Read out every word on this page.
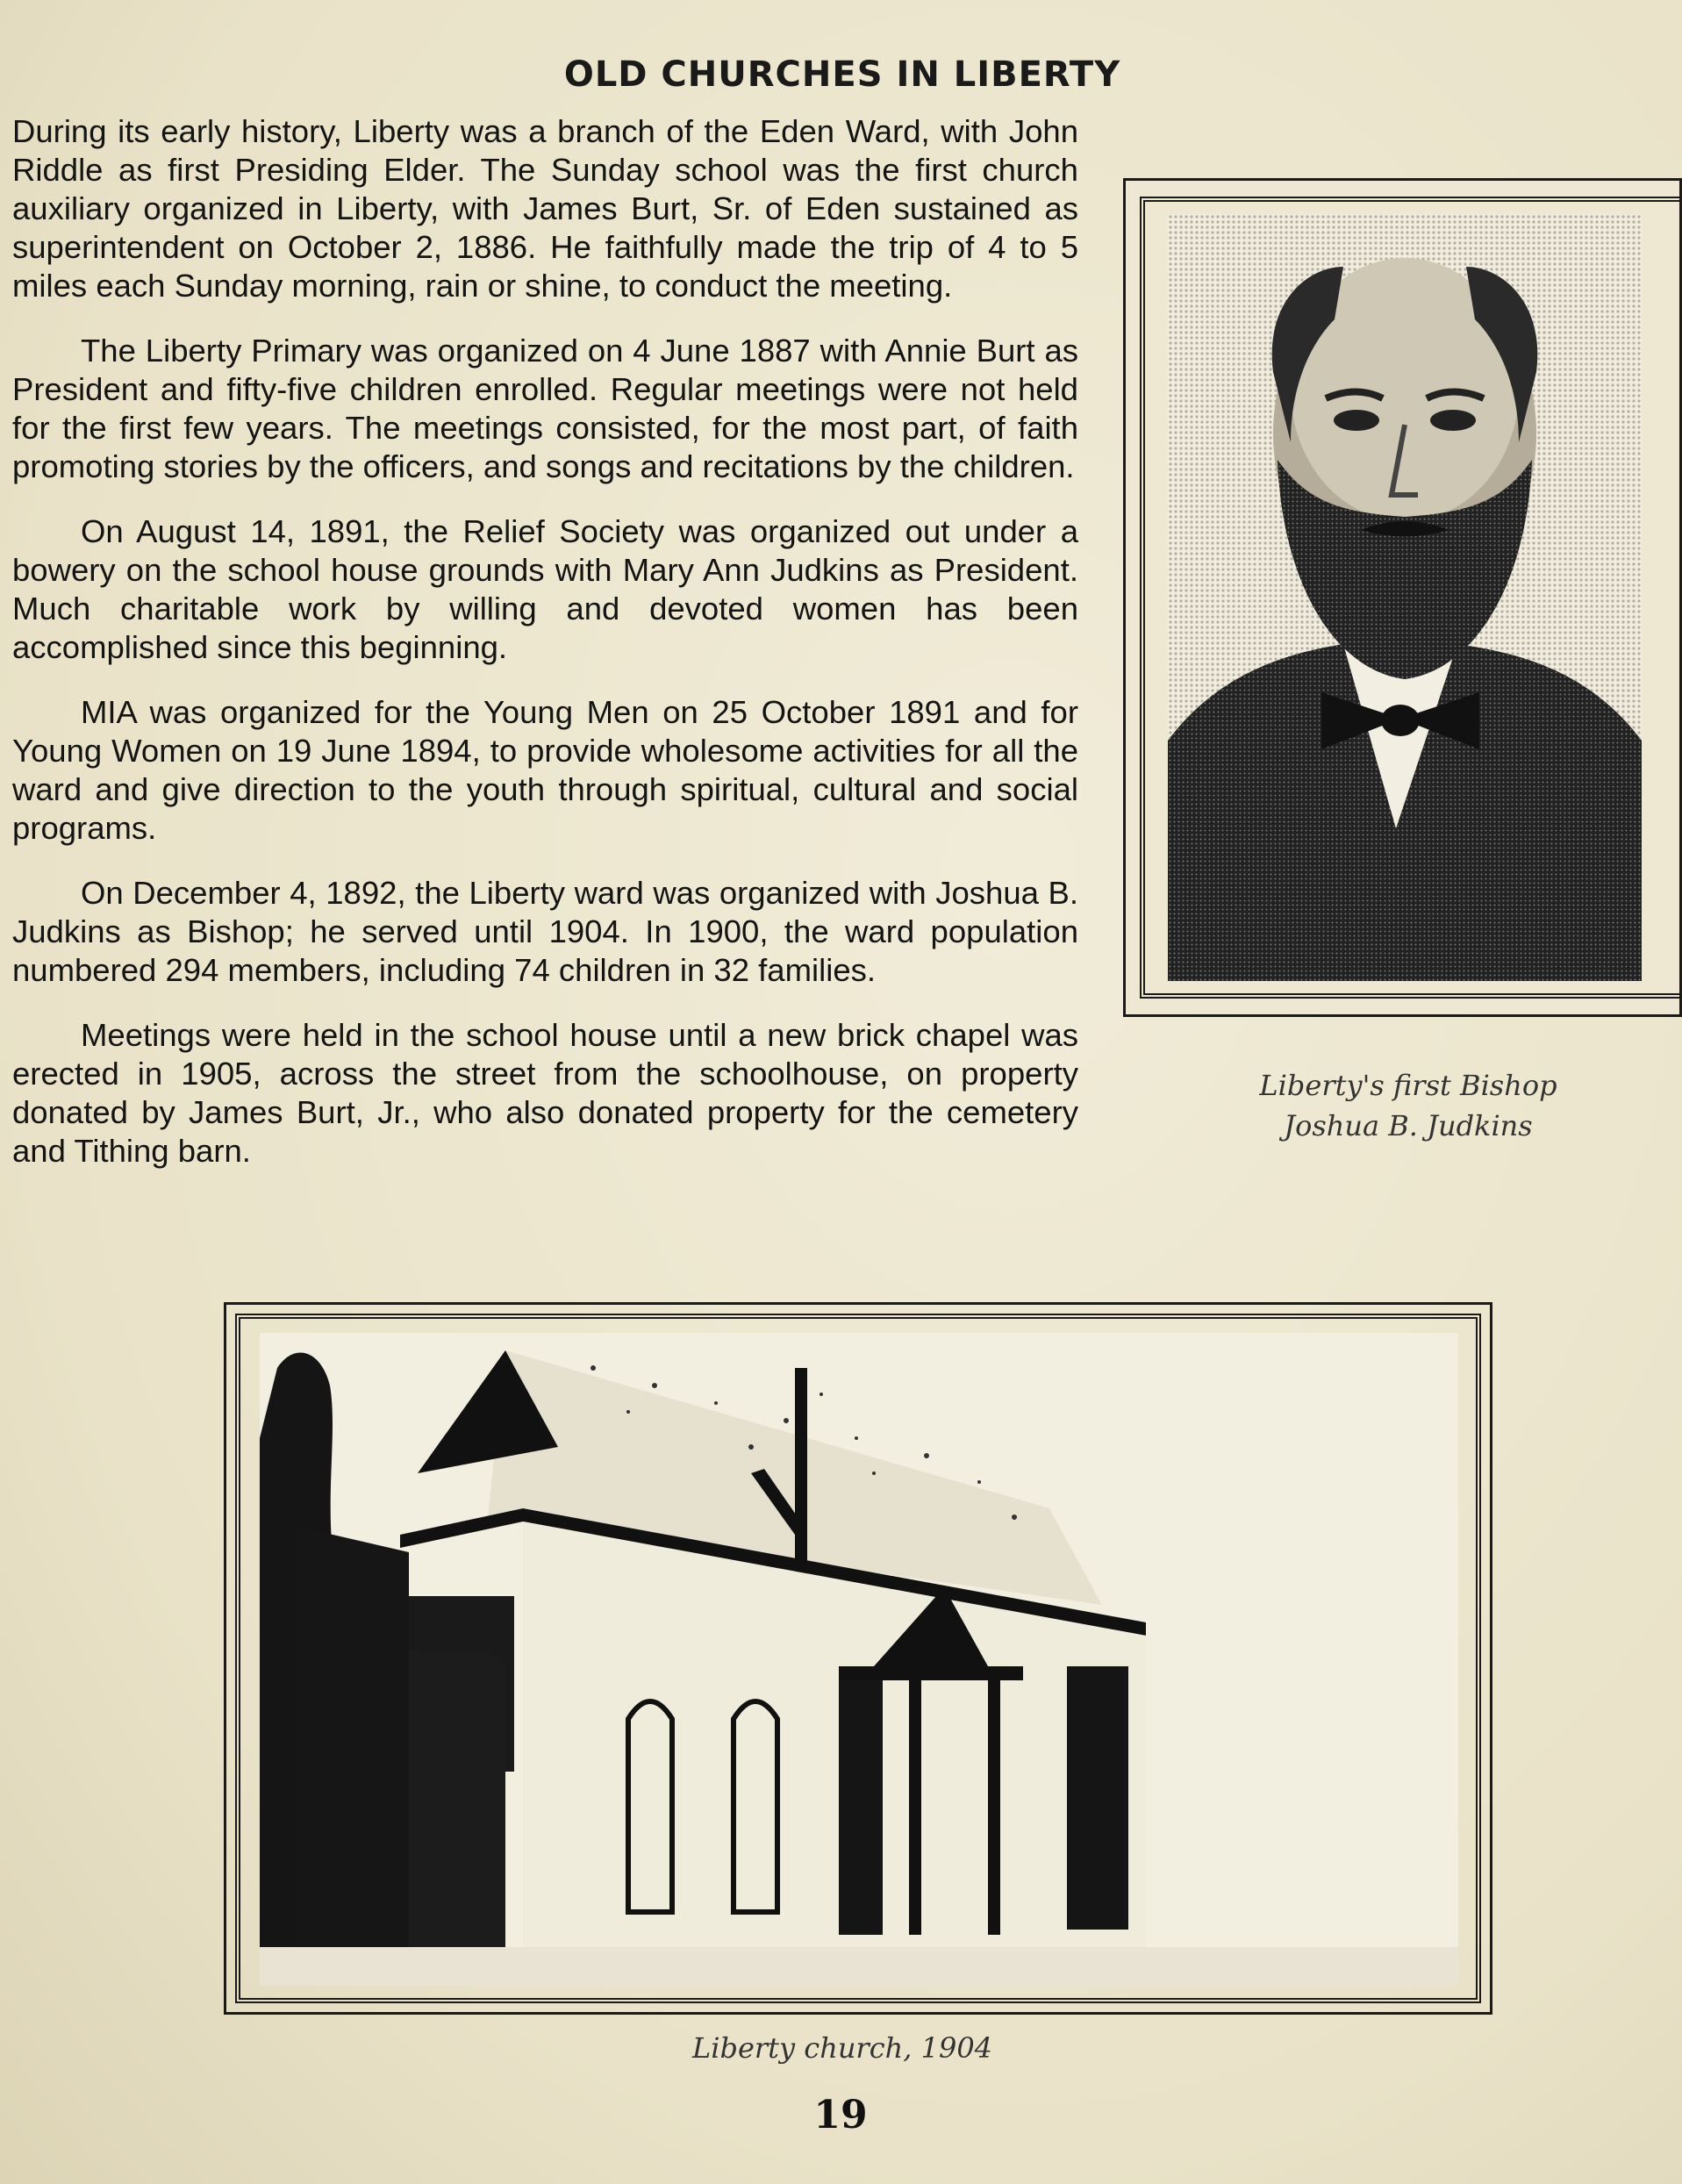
OLD CHURCHES IN LIBERTY

During its early history, Liberty was a branch of the Eden Ward, with John Riddle as first Presiding Elder. The Sunday school was the first church auxiliary organized in Liberty, with James Burt, Sr. of Eden sustained as superintendent on October 2, 1886. He faithfully made the trip of 4 to 5 miles each Sunday morning, rain or shine, to conduct the meeting.

The Liberty Primary was organized on 4 June 1887 with Annie Burt as President and fifty-five children enrolled. Regular meetings were not held for the first few years. The meetings consisted, for the most part, of faith promoting stories by the officers, and songs and recitations by the children.

On August 14, 1891, the Relief Society was organized out under a bowery on the school house grounds with Mary Ann Judkins as President. Much charitable work by willing and devoted women has been accomplished since this beginning.

MIA was organized for the Young Men on 25 October 1891 and for Young Women on 19 June 1894, to provide wholesome activities for all the ward and give direction to the youth through spiritual, cultural and social programs.

On December 4, 1892, the Liberty ward was organized with Joshua B. Judkins as Bishop; he served until 1904. In 1900, the ward population numbered 294 members, including 74 children in 32 families.

Meetings were held in the school house until a new brick chapel was erected in 1905, across the street from the schoolhouse, on property donated by James Burt, Jr., who also donated property for the cemetery and Tithing barn.

Liberty's first Bishop
Joshua B. Judkins
Liberty church, 1904
19
